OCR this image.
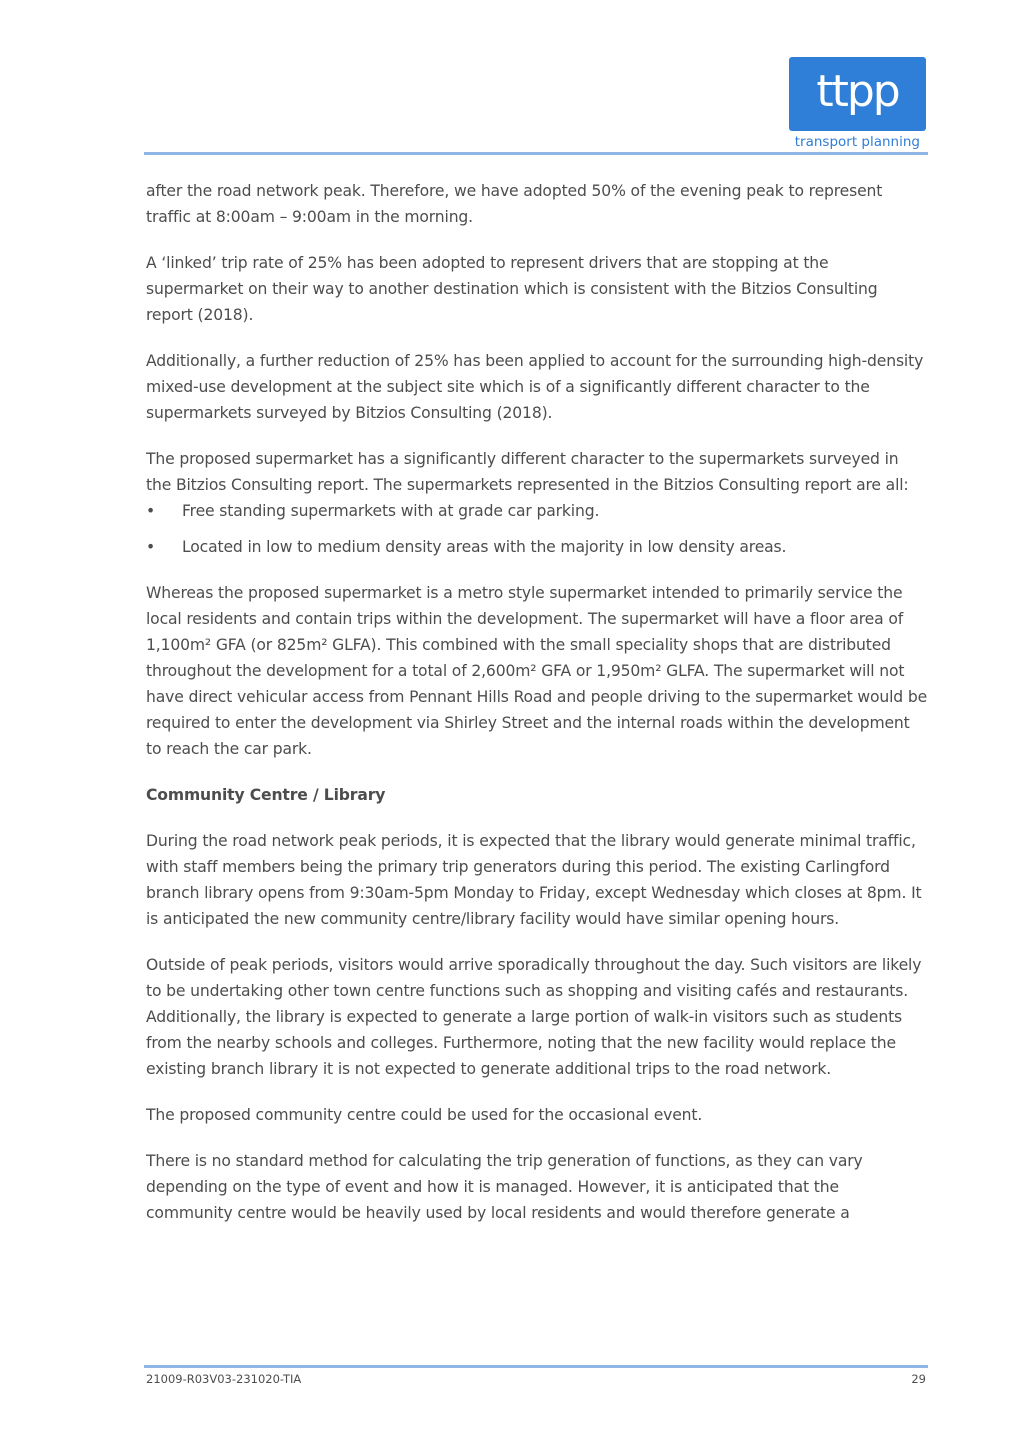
ttpp
transport planning

after the road network peak. Therefore, we have adopted 50% of the evening peak to represent traffic at 8:00am – 9:00am in the morning.

A ‘linked’ trip rate of 25% has been adopted to represent drivers that are stopping at the supermarket on their way to another destination which is consistent with the Bitzios Consulting report (2018).

Additionally, a further reduction of 25% has been applied to account for the surrounding high-density mixed-use development at the subject site which is of a significantly different character to the supermarkets surveyed by Bitzios Consulting (2018).

The proposed supermarket has a significantly different character to the supermarkets surveyed in the Bitzios Consulting report. The supermarkets represented in the Bitzios Consulting report are all:

• Free standing supermarkets with at grade car parking.
• Located in low to medium density areas with the majority in low density areas.

Whereas the proposed supermarket is a metro style supermarket intended to primarily service the local residents and contain trips within the development. The supermarket will have a floor area of 1,100m² GFA (or 825m² GLFA). This combined with the small speciality shops that are distributed throughout the development for a total of 2,600m² GFA or 1,950m² GLFA. The supermarket will not have direct vehicular access from Pennant Hills Road and people driving to the supermarket would be required to enter the development via Shirley Street and the internal roads within the development to reach the car park.

Community Centre / Library

During the road network peak periods, it is expected that the library would generate minimal traffic, with staff members being the primary trip generators during this period. The existing Carlingford branch library opens from 9:30am-5pm Monday to Friday, except Wednesday which closes at 8pm. It is anticipated the new community centre/library facility would have similar opening hours.

Outside of peak periods, visitors would arrive sporadically throughout the day. Such visitors are likely to be undertaking other town centre functions such as shopping and visiting cafés and restaurants. Additionally, the library is expected to generate a large portion of walk-in visitors such as students from the nearby schools and colleges. Furthermore, noting that the new facility would replace the existing branch library it is not expected to generate additional trips to the road network.

The proposed community centre could be used for the occasional event.

There is no standard method for calculating the trip generation of functions, as they can vary depending on the type of event and how it is managed. However, it is anticipated that the community centre would be heavily used by local residents and would therefore generate a

21009-R03V03-231020-TIA	29
